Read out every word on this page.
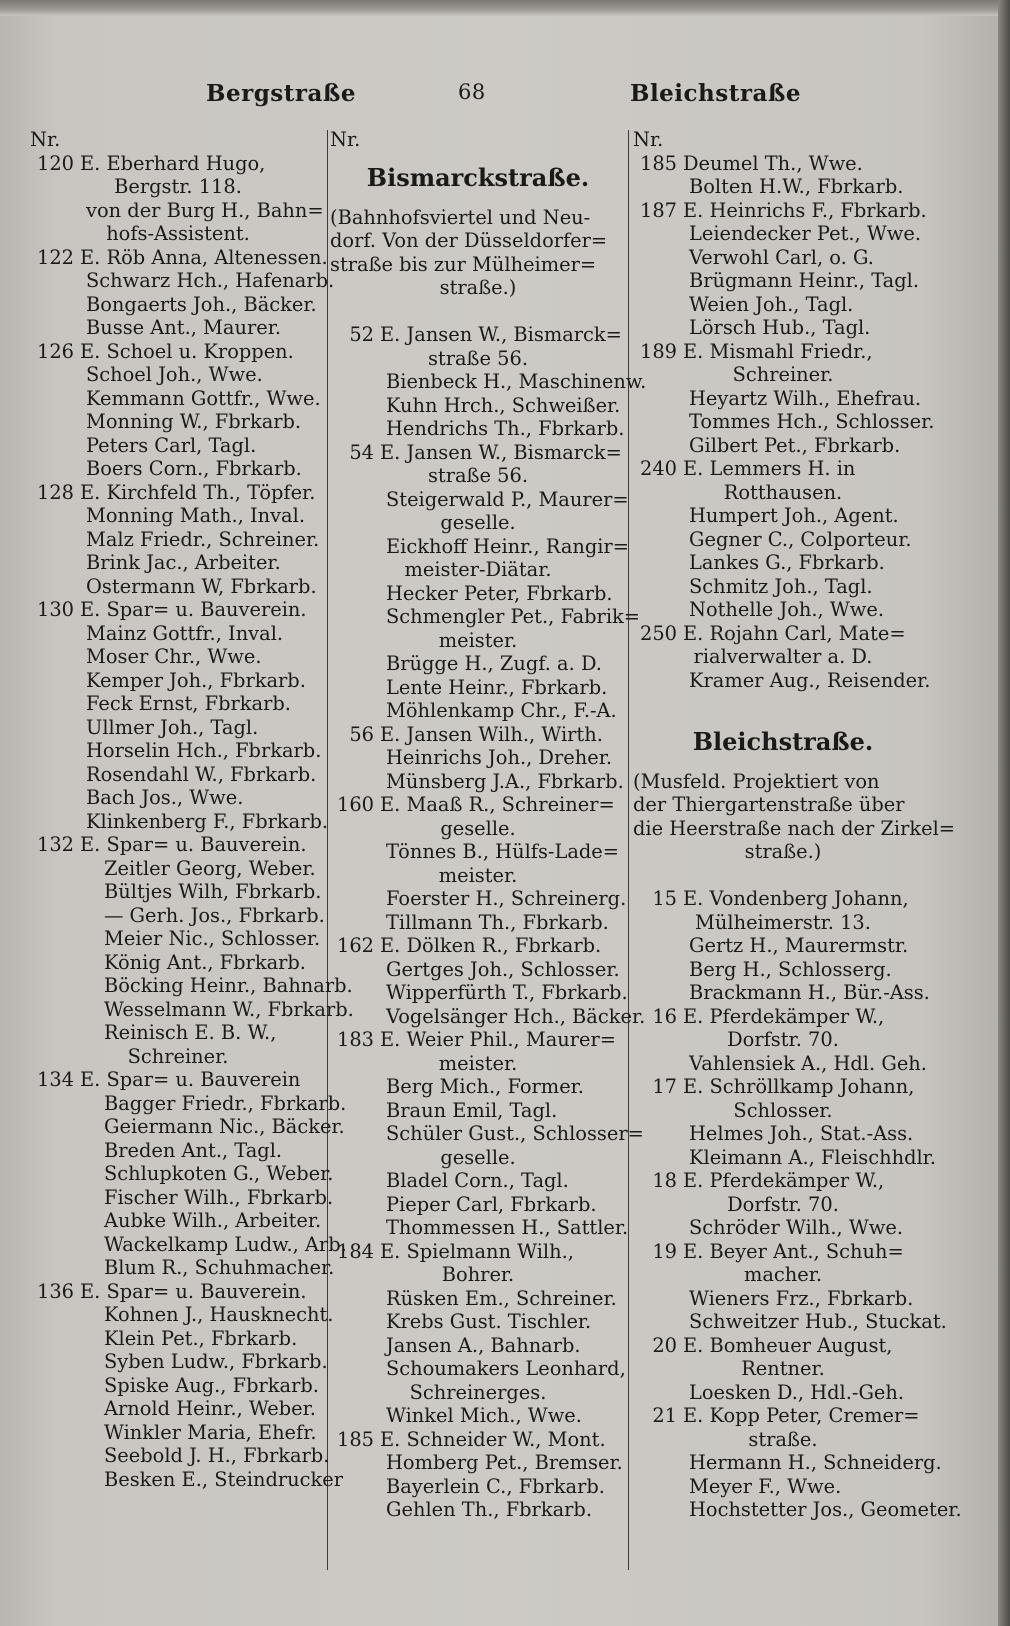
Bergstraße	68	Bleichstraße
Nr.
120 E. Eberhard Hugo,
Bergstr. 118.
von der Burg H., Bahn=
hofs-Assistent.
122 E. Röb Anna, Altenessen.
Schwarz Hch., Hafenarb.
Bongaerts Joh., Bäcker.
Busse Ant., Maurer.
126 E. Schoel u. Kroppen.
Schoel Joh., Wwe.
Kemmann Gottfr., Wwe.
Monning W., Fbrkarb.
Peters Carl, Tagl.
Boers Corn., Fbrkarb.
128 E. Kirchfeld Th., Töpfer.
Monning Math., Inval.
Malz Friedr., Schreiner.
Brink Jac., Arbeiter.
Ostermann W, Fbrkarb.
130 E. Spar= u. Bauverein.
Mainz Gottfr., Inval.
Moser Chr., Wwe.
Kemper Joh., Fbrkarb.
Feck Ernst, Fbrkarb.
Ullmer Joh., Tagl.
Horselin Hch., Fbrkarb.
Rosendahl W., Fbrkarb.
Bach Jos., Wwe.
Klinkenberg F., Fbrkarb.
132 E. Spar= u. Bauverein.
Zeitler Georg, Weber.
Bültjes Wilh, Fbrkarb.
— Gerh. Jos., Fbrkarb.
Meier Nic., Schlosser.
König Ant., Fbrkarb.
Böcking Heinr., Bahnarb.
Wesselmann W., Fbrkarb.
Reinisch E. B. W.,
Schreiner.
134 E. Spar= u. Bauverein
Bagger Friedr., Fbrkarb.
Geiermann Nic., Bäcker.
Breden Ant., Tagl.
Schlupkoten G., Weber.
Fischer Wilh., Fbrkarb.
Aubke Wilh., Arbeiter.
Wackelkamp Ludw., Arb.
Blum R., Schuhmacher.
136 E. Spar= u. Bauverein.
Kohnen J., Hausknecht.
Klein Pet., Fbrkarb.
Syben Ludw., Fbrkarb.
Spiske Aug., Fbrkarb.
Arnold Heinr., Weber.
Winkler Maria, Ehefr.
Seebold J. H., Fbrkarb.
Besken E., Steindrucker
Nr.
Bismarckstraße.
(Bahnhofsviertel und Neu-
dorf. Von der Düsseldorfer=
straße bis zur Mülheimer=
straße.)
52 E. Jansen W., Bismarck=
straße 56.
Bienbeck H., Maschinenw.
Kuhn Hrch., Schweißer.
Hendrichs Th., Fbrkarb.
54 E. Jansen W., Bismarck=
straße 56.
Steigerwald P., Maurer=
geselle.
Eickhoff Heinr., Rangir=
meister-Diätar.
Hecker Peter, Fbrkarb.
Schmengler Pet., Fabrik=
meister.
Brügge H., Zugf. a. D.
Lente Heinr., Fbrkarb.
Möhlenkamp Chr., F.-A.
56 E. Jansen Wilh., Wirth.
Heinrichs Joh., Dreher.
Münsberg J.A., Fbrkarb.
160 E. Maaß R., Schreiner=
geselle.
Tönnes B., Hülfs-Lade=
meister.
Foerster H., Schreinerg.
Tillmann Th., Fbrkarb.
162 E. Dölken R., Fbrkarb.
Gertges Joh., Schlosser.
Wipperfürth T., Fbrkarb.
Vogelsänger Hch., Bäcker.
183 E. Weier Phil., Maurer=
meister.
Berg Mich., Former.
Braun Emil, Tagl.
Schüler Gust., Schlosser=
geselle.
Bladel Corn., Tagl.
Pieper Carl, Fbrkarb.
Thommessen H., Sattler.
184 E. Spielmann Wilh.,
Bohrer.
Rüsken Em., Schreiner.
Krebs Gust. Tischler.
Jansen A., Bahnarb.
Schoumakers Leonhard,
Schreinerges.
Winkel Mich., Wwe.
185 E. Schneider W., Mont.
Homberg Pet., Bremser.
Bayerlein C., Fbrkarb.
Gehlen Th., Fbrkarb.
Nr.
185 Deumel Th., Wwe.
Bolten H.W., Fbrkarb.
187 E. Heinrichs F., Fbrkarb.
Leiendecker Pet., Wwe.
Verwohl Carl, o. G.
Brügmann Heinr., Tagl.
Weien Joh., Tagl.
Lörsch Hub., Tagl.
189 E. Mismahl Friedr.,
Schreiner.
Heyartz Wilh., Ehefrau.
Tommes Hch., Schlosser.
Gilbert Pet., Fbrkarb.
240 E. Lemmers H. in
Rotthausen.
Humpert Joh., Agent.
Gegner C., Colporteur.
Lankes G., Fbrkarb.
Schmitz Joh., Tagl.
Nothelle Joh., Wwe.
250 E. Rojahn Carl, Mate=
rialverwalter a. D.
Kramer Aug., Reisender.
Bleichstraße.
(Musfeld. Projektiert von
der Thiergartenstraße über
die Heerstraße nach der Zirkel=
straße.)
15 E. Vondenberg Johann,
Mülheimerstr. 13.
Gertz H., Maurermstr.
Berg H., Schlosserg.
Brackmann H., Bür.-Ass.
16 E. Pferdekämper W.,
Dorfstr. 70.
Vahlensiek A., Hdl. Geh.
17 E. Schröllkamp Johann,
Schlosser.
Helmes Joh., Stat.-Ass.
Kleimann A., Fleischhdlr.
18 E. Pferdekämper W.,
Dorfstr. 70.
Schröder Wilh., Wwe.
19 E. Beyer Ant., Schuh=
macher.
Wieners Frz., Fbrkarb.
Schweitzer Hub., Stuckat.
20 E. Bomheuer August,
Rentner.
Loesken D., Hdl.-Geh.
21 E. Kopp Peter, Cremer=
straße.
Hermann H., Schneiderg.
Meyer F., Wwe.
Hochstetter Jos., Geometer.
